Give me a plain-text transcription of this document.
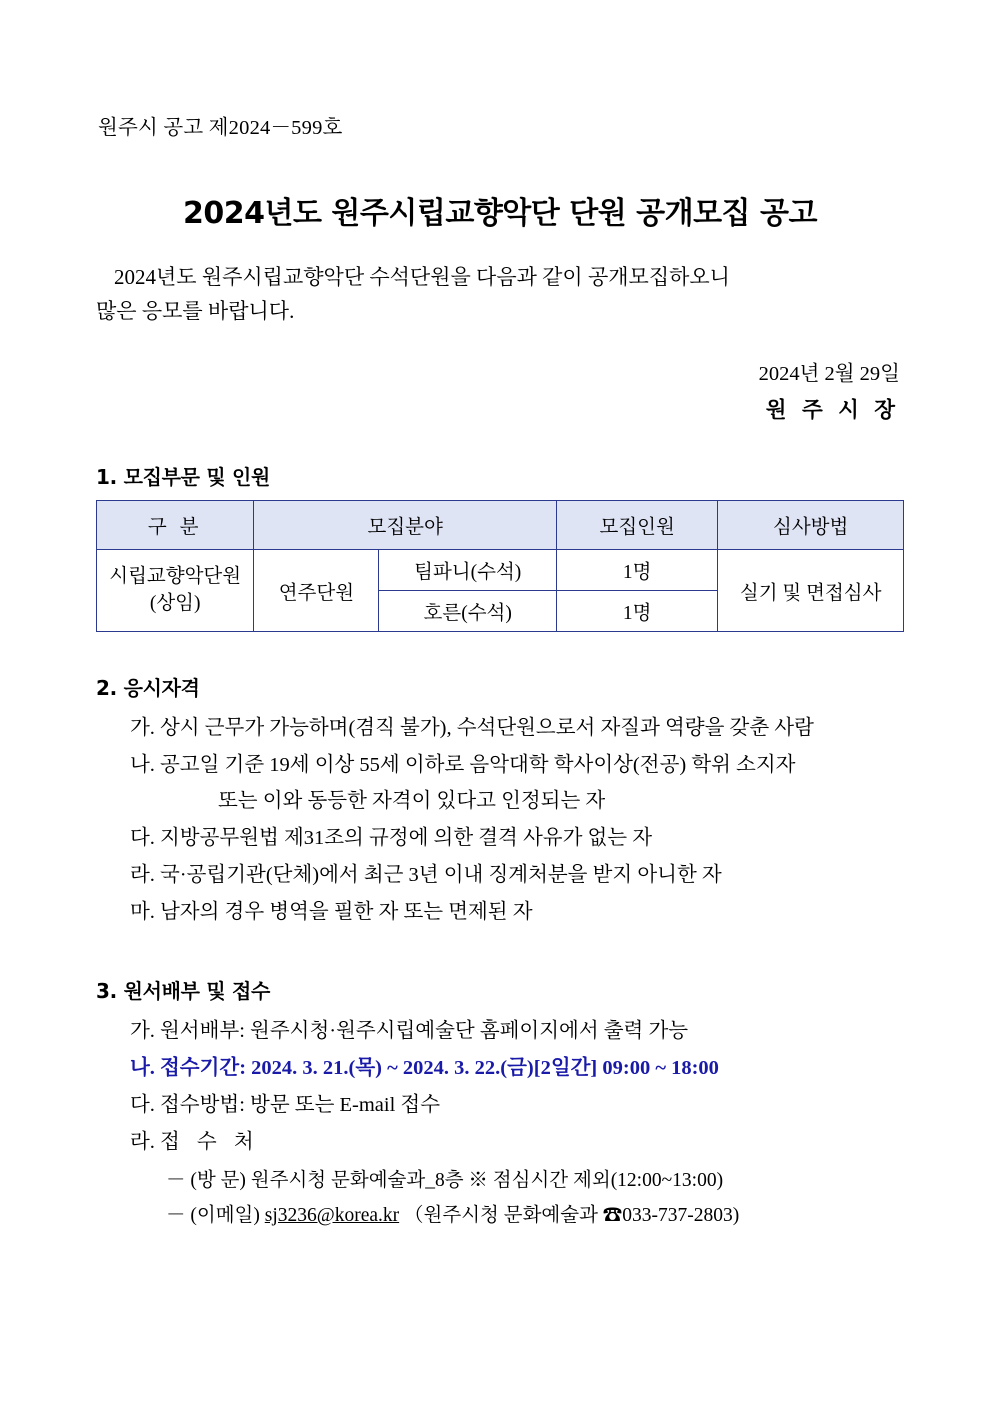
원주시 공고 제2024－599호
2024년도 원주시립교향악단 단원 공개모집 공고

2024년도 원주시립교향악단 수석단원을 다음과 같이 공개모집하오니
많은 응모를 바랍니다.

2024년 2월 29일
원 주 시 장
1. 모집부문 및 인원
구 분	모집분야		모집인원	심사방법
시립교향악단원
(상임)	연주단원	팀파니(수석)	1명	실기 및 면접심사
		호른(수석)	1명	
2. 응시자격
가. 상시 근무가 가능하며(겸직 불가), 수석단원으로서 자질과 역량을 갖춘 사람
나. 공고일 기준 19세 이상 55세 이하로 음악대학 학사이상(전공) 학위 소지자
또는 이와 동등한 자격이 있다고 인정되는 자
다. 지방공무원법 제31조의 규정에 의한 결격 사유가 없는 자
라. 국·공립기관(단체)에서 최근 3년 이내 징계처분을 받지 아니한 자
마. 남자의 경우 병역을 필한 자 또는 면제된 자
3. 원서배부 및 접수
가. 원서배부: 원주시청·원주시립예술단 홈페이지에서 출력 가능
나. 접수기간: 2024. 3. 21.(목) ~ 2024. 3. 22.(금)[2일간] 09:00 ~ 18:00
다. 접수방법: 방문 또는 E-mail 접수
라. 접 수 처
－ (방 문) 원주시청 문화예술과_8층 ※ 점심시간 제외(12:00~13:00)
－ (이메일) sj3236@korea.kr （원주시청 문화예술과 ☎033-737-2803)
